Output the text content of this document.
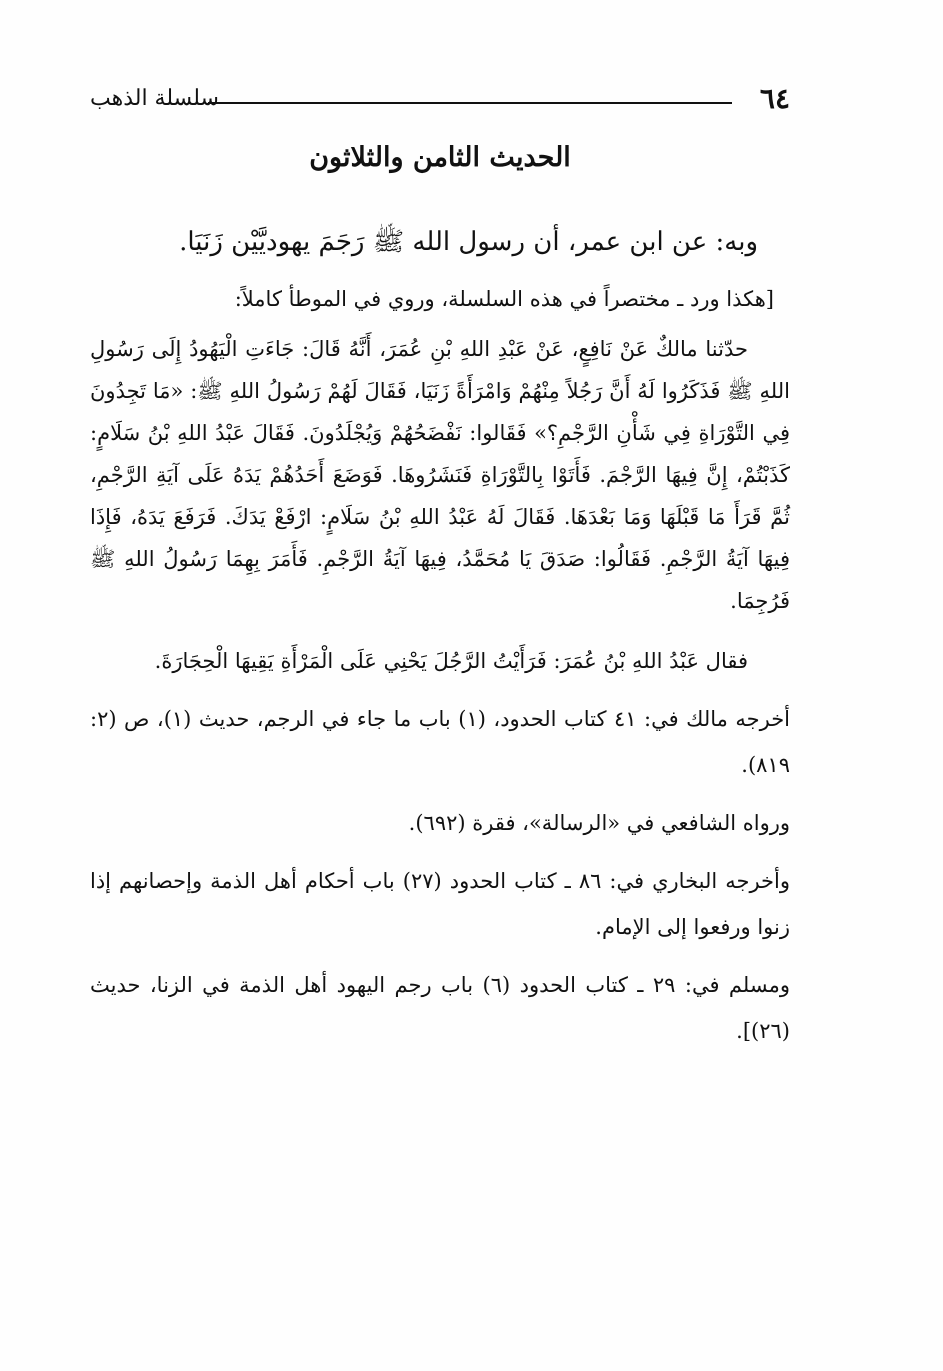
٦٤
سلسلة الذهب
الحديث الثامن والثلاثون

وبه: عن ابن عمر، أن رسول الله ﷺ رَجَمَ يهوديَّيْن زَنَيَا.

[هكذا ورد ـ مختصراً في هذه السلسلة، وروي في الموطأ كاملاً:

حدّثنا مالكٌ عَنْ نَافِعٍ، عَنْ عَبْدِ اللهِ بْنِ عُمَرَ، أَنَّهُ قَالَ: جَاءَتِ الْيَهُودُ إِلَى رَسُولِ اللهِ ﷺ فَذَكَرُوا لَهُ أَنَّ رَجُلاً مِنْهُمْ وَامْرَأَةً زَنَيَا، فَقَالَ لَهُمْ رَسُولُ اللهِ ﷺ: «مَا تَجِدُونَ فِي التَّوْرَاةِ فِي شَأْنِ الرَّجْمِ؟» فَقَالوا: نَفْضَحُهُمْ وَيُجْلَدُونَ. فَقَالَ عَبْدُ اللهِ بْنُ سَلَامٍ: كَذَبْتُمْ، إِنَّ فِيهَا الرَّجْمَ. فَأَتَوْا بِالتَّوْرَاةِ فَنَشَرُوهَا. فَوَضَعَ أَحَدُهُمْ يَدَهُ عَلَى آيَةِ الرَّجْمِ، ثُمَّ قَرَأَ مَا قَبْلَهَا وَمَا بَعْدَهَا. فَقَالَ لَهُ عَبْدُ اللهِ بْنُ سَلَامٍ: ارْفَعْ يَدَكَ. فَرَفَعَ يَدَهُ، فَإِذَا فِيهَا آيَةُ الرَّجْمِ. فَقَالُوا: صَدَقَ يَا مُحَمَّدُ، فِيهَا آيَةُ الرَّجْمِ. فَأَمَرَ بِهِمَا رَسُولُ اللهِ ﷺ فَرُجِمَا.

فقال عَبْدُ اللهِ بْنُ عُمَرَ: فَرَأَيْتُ الرَّجُلَ يَحْنِي عَلَى الْمَرْأَةِ يَقِيهَا الْحِجَارَةَ.

أخرجه مالك في: ٤١ كتاب الحدود، (١) باب ما جاء في الرجم، حديث (١)، ص (٢: ٨١٩).

ورواه الشافعي في «الرسالة»، فقرة (٦٩٢).

وأخرجه البخاري في: ٨٦ ـ كتاب الحدود (٢٧) باب أحكام أهل الذمة وإحصانهم إذا زنوا ورفعوا إلى الإمام.

ومسلم في: ٢٩ ـ كتاب الحدود (٦) باب رجم اليهود أهل الذمة في الزنا، حديث (٢٦)].
